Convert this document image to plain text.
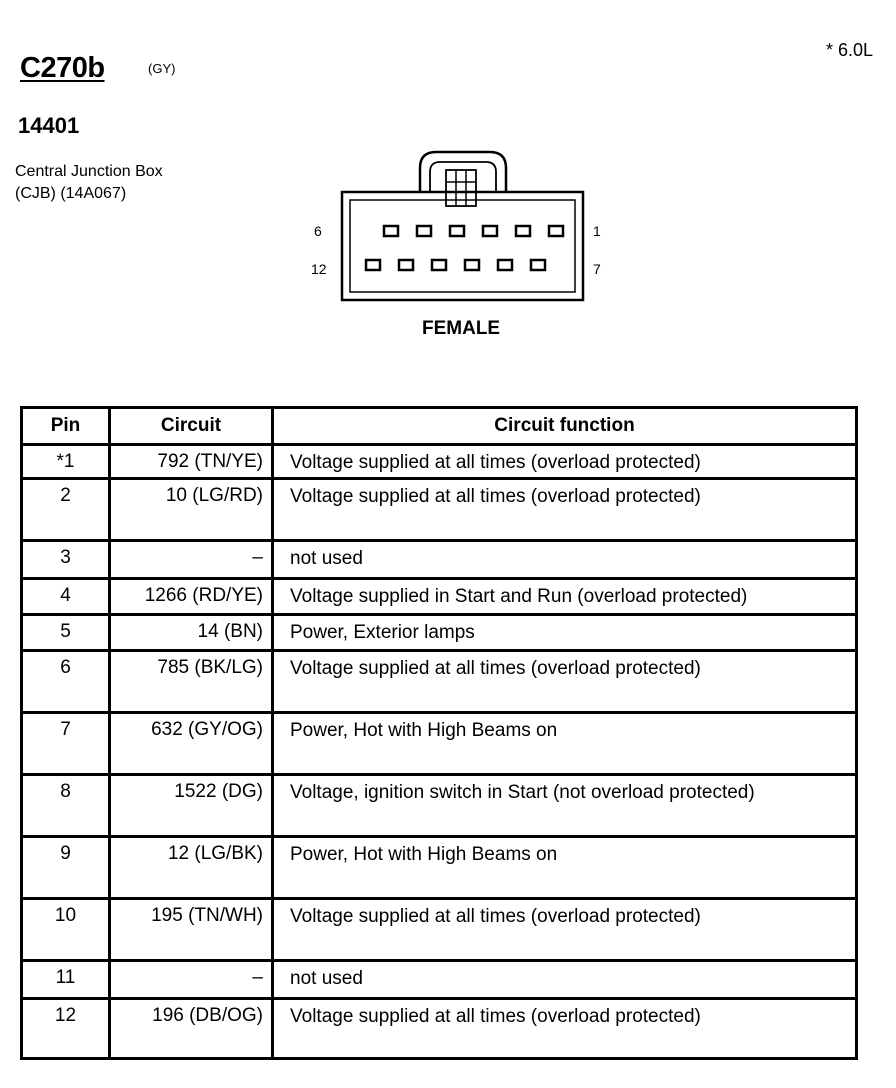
C270b	(GY)
* 6.0L
14401
Central Junction Box
(CJB) (14A067)
6	1
12	7
FEMALE
Pin	Circuit	Circuit function
*1	792 (TN/YE)	Voltage supplied at all times (overload protected)
2	10 (LG/RD)	Voltage supplied at all times (overload protected)
3	–	not used
4	1266 (RD/YE)	Voltage supplied in Start and Run (overload protected)
5	14 (BN)	Power, Exterior lamps
6	785 (BK/LG)	Voltage supplied at all times (overload protected)
7	632 (GY/OG)	Power, Hot with High Beams on
8	1522 (DG)	Voltage, ignition switch in Start (not overload protected)
9	12 (LG/BK)	Power, Hot with High Beams on
10	195 (TN/WH)	Voltage supplied at all times (overload protected)
11	–	not used
12	196 (DB/OG)	Voltage supplied at all times (overload protected)
